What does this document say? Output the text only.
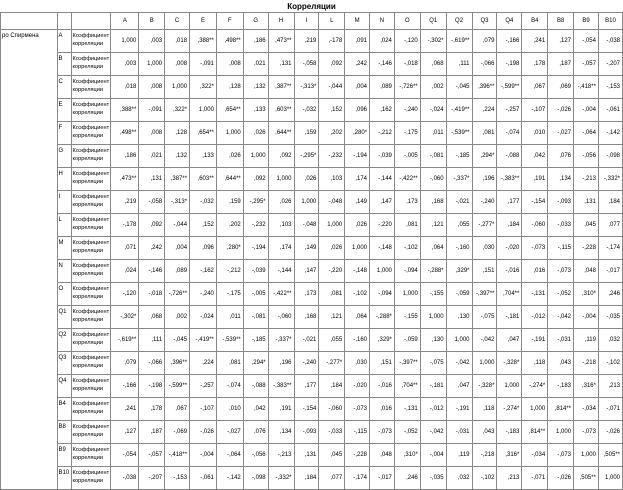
Корреляции
			A	B	C	E	F	G	H	I	L	M	N	O	Q1	Q2	Q3	Q4	B4	B8	B9	B10
ро Спирмена	A	Коэффициент корреляции	1,000	,003	,018	,388**	,498**	,186	,473**	,219	,-178	,091	,024	-,120	-,302*	-,619**	,079	-,166	,241	,127	-,054	-,038
	B	Коэффициент корреляции	,003	1,000	,008	-,091	,008	,021	,131	-,058	,092	,242	-,146	-,018	,068	,111	-,066	-,198	,178	,187	-,057	-,207
	C	Коэффициент корреляции	,018	,008	1,000	,322*	,128	,132	,387**	-,313*	-,044	,004	,089	-,726**	,002	-,045	,396**	-,599**	,067	,069	-,418**	-,153
	E	Коэффициент корреляции	,388**	-,091	,322*	1,000	,654**	,133	,603**	-,032	,152	,096	,162	-,240	-,024	-,419**	,224	-,257	-,107	-,026	-,004	-,061
	F	Коэффициент корреляции	,498**	,008	,128	,654**	1,000	,026	,644**	,159	,202	,280*	-,212	-,175	,011	-,539**	,081	-,074	,010	-,027	-,064	-,142
	G	Коэффициент корреляции	,186	,021	,132	,133	,026	1,000	,092	-,295*	-,232	-,194	-,039	-,005	-,081	-,185	,294*	-,088	,042	,076	-,056	-,098
	H	Коэффициент корреляции	,473**	,131	,387**	,603**	,644**	,092	1,000	,026	,103	,174	-,144	-,422**	-,060	-,337*	,196	-,383**	,191	,134	-,213	-,332*
	I	Коэффициент корреляции	,219	-,058	-,313*	-,032	,159	-,295*	,026	1,000	-,048	,149	,147	,173	,168	-,021	-,240	,177	-,154	-,093	,131	,184
	L	Коэффициент корреляции	-,178	,092	-,044	,152	,202	-,232	,103	-,048	1,000	,026	-,220	,081	,121	,055	-,277*	,184	-,060	-,033	,045	,077
	M	Коэффициент корреляции	,071	,242	,004	,096	,280*	-,194	,174	,149	,026	1,000	-,148	-,102	,064	-,160	,030	-,020	-,073	-,115	-,228	-,174
	N	Коэффициент корреляции	,024	-,146	,089	-,162	-,212	-,039	-,144	,147	-,220	-,148	1,000	-,094	-,288*	,329*	,151	-,016	,016	-,073	,048	-,017
	O	Коэффициент корреляции	-,120	-,018	-,726**	-,240	-,175	-,005	-,422**	,173	,081	-,102	-,094	1,000	-,155	-,059	-,397**	,704**	-,131	-,052	,310*	,246
	Q1	Коэффициент корреляции	-,302*	,068	,002	-,024	,011	-,081	-,060	,168	,121	,064	-,288*	-,155	1,000	,130	-,075	-,181	-,012	-,042	-,004	-,035
	Q2	Коэффициент корреляции	-,619**	,111	-,045	-,419**	-,539**	-,185	-,337*	-,021	,055	-,160	,329*	-,059	,130	1,000	-,042	,047	-,191	-,031	,119	,032
	Q3	Коэффициент корреляции	,079	-,066	,396**	,224	,081	,294*	,196	-,240	-,277*	,030	,151	-,397**	-,075	-,042	1,000	-,328*	,118	,043	-,218	-,102
	Q4	Коэффициент корреляции	-,166	-,198	-,599**	-,257	-,074	-,088	-,383**	,177	,184	-,020	-,016	,704**	-,181	,047	-,328*	1,000	-,274*	-,183	,316*	,213
	B4	Коэффициент корреляции	,241	,178	,067	-,107	,010	,042	,191	-,154	-,060	-,073	,016	-,131	-,012	-,191	,118	-,274*	1,000	,814**	-,034	-,071
	B8	Коэффициент корреляции	,127	,187	-,069	-,026	-,027	,076	,134	-,093	-,033	-,115	-,073	-,052	-,042	-,031	,043	-,183	,814**	1,000	-,073	-,026
	B9	Коэффициент корреляции	-,054	-,057	-,418**	-,004	-,064	-,056	-,213	,131	,045	-,228	,048	,310*	-,004	,119	-,218	,316*	-,034	-,073	1,000	,505**
	B10	Коэффициент корреляции	-,038	-,207	-,153	-,061	-,142	-,098	-,332*	,184	,077	-,174	-,017	,246	-,035	,032	-,102	,213	-,071	-,026	,505**	1,000
